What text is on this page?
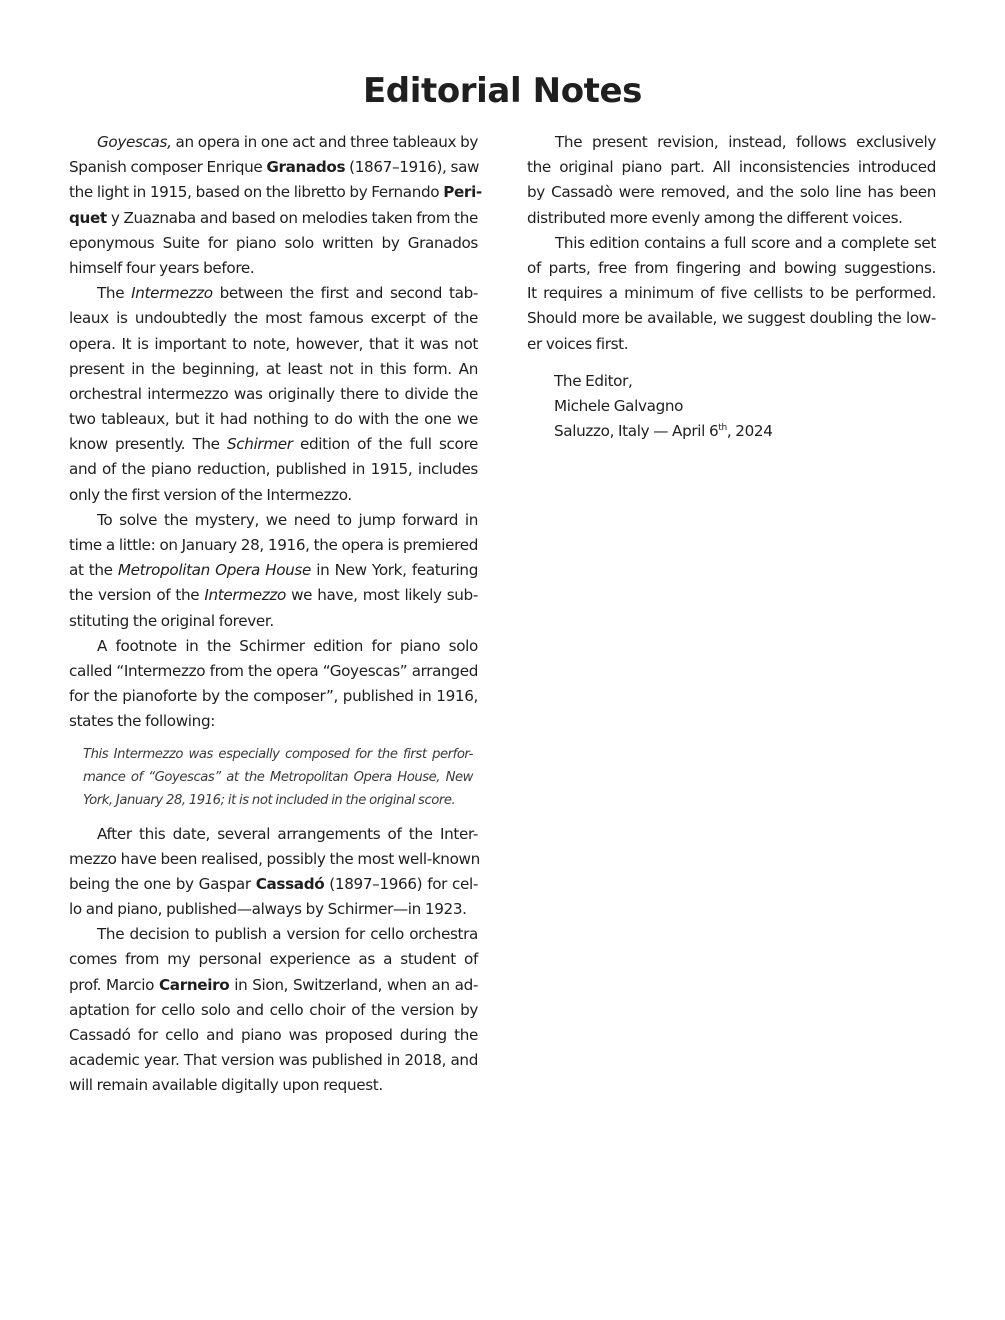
Editorial Notes
Goyescas, an opera in one act and three tableaux by
Spanish composer Enrique Granados (1867–1916), saw
the light in 1915, based on the libretto by Fernando Peri-
quet y Zuaznaba and based on melodies taken from the
eponymous Suite for piano solo written by Granados
himself four years before.
The Intermezzo between the first and second tab-
leaux is undoubtedly the most famous excerpt of the
opera. It is important to note, however, that it was not
present in the beginning, at least not in this form. An
orchestral intermezzo was originally there to divide the
two tableaux, but it had nothing to do with the one we
know presently. The Schirmer edition of the full score
and of the piano reduction, published in 1915, includes
only the first version of the Intermezzo.
To solve the mystery, we need to jump forward in
time a little: on January 28, 1916, the opera is premiered
at the Metropolitan Opera House in New York, featuring
the version of the Intermezzo we have, most likely sub-
stituting the original forever.
A footnote in the Schirmer edition for piano solo
called “Intermezzo from the opera “Goyescas” arranged
for the pianoforte by the composer”, published in 1916,
states the following:
This Intermezzo was especially composed for the first perfor-
mance of “Goyescas” at the Metropolitan Opera House, New
York, January 28, 1916; it is not included in the original score.
After this date, several arrangements of the Inter-
mezzo have been realised, possibly the most well-known
being the one by Gaspar Cassadó (1897–1966) for cel-
lo and piano, published—always by Schirmer—in 1923.
The decision to publish a version for cello orchestra
comes from my personal experience as a student of
prof. Marcio Carneiro in Sion, Switzerland, when an ad-
aptation for cello solo and cello choir of the version by
Cassadó for cello and piano was proposed during the
academic year. That version was published in 2018, and
will remain available digitally upon request.
The present revision, instead, follows exclusively
the original piano part. All inconsistencies introduced
by Cassadò were removed, and the solo line has been
distributed more evenly among the different voices.
This edition contains a full score and a complete set
of parts, free from fingering and bowing suggestions.
It requires a minimum of five cellists to be performed.
Should more be available, we suggest doubling the low-
er voices first.
The Editor,
Michele Galvagno
Saluzzo, Italy — April 6th, 2024
